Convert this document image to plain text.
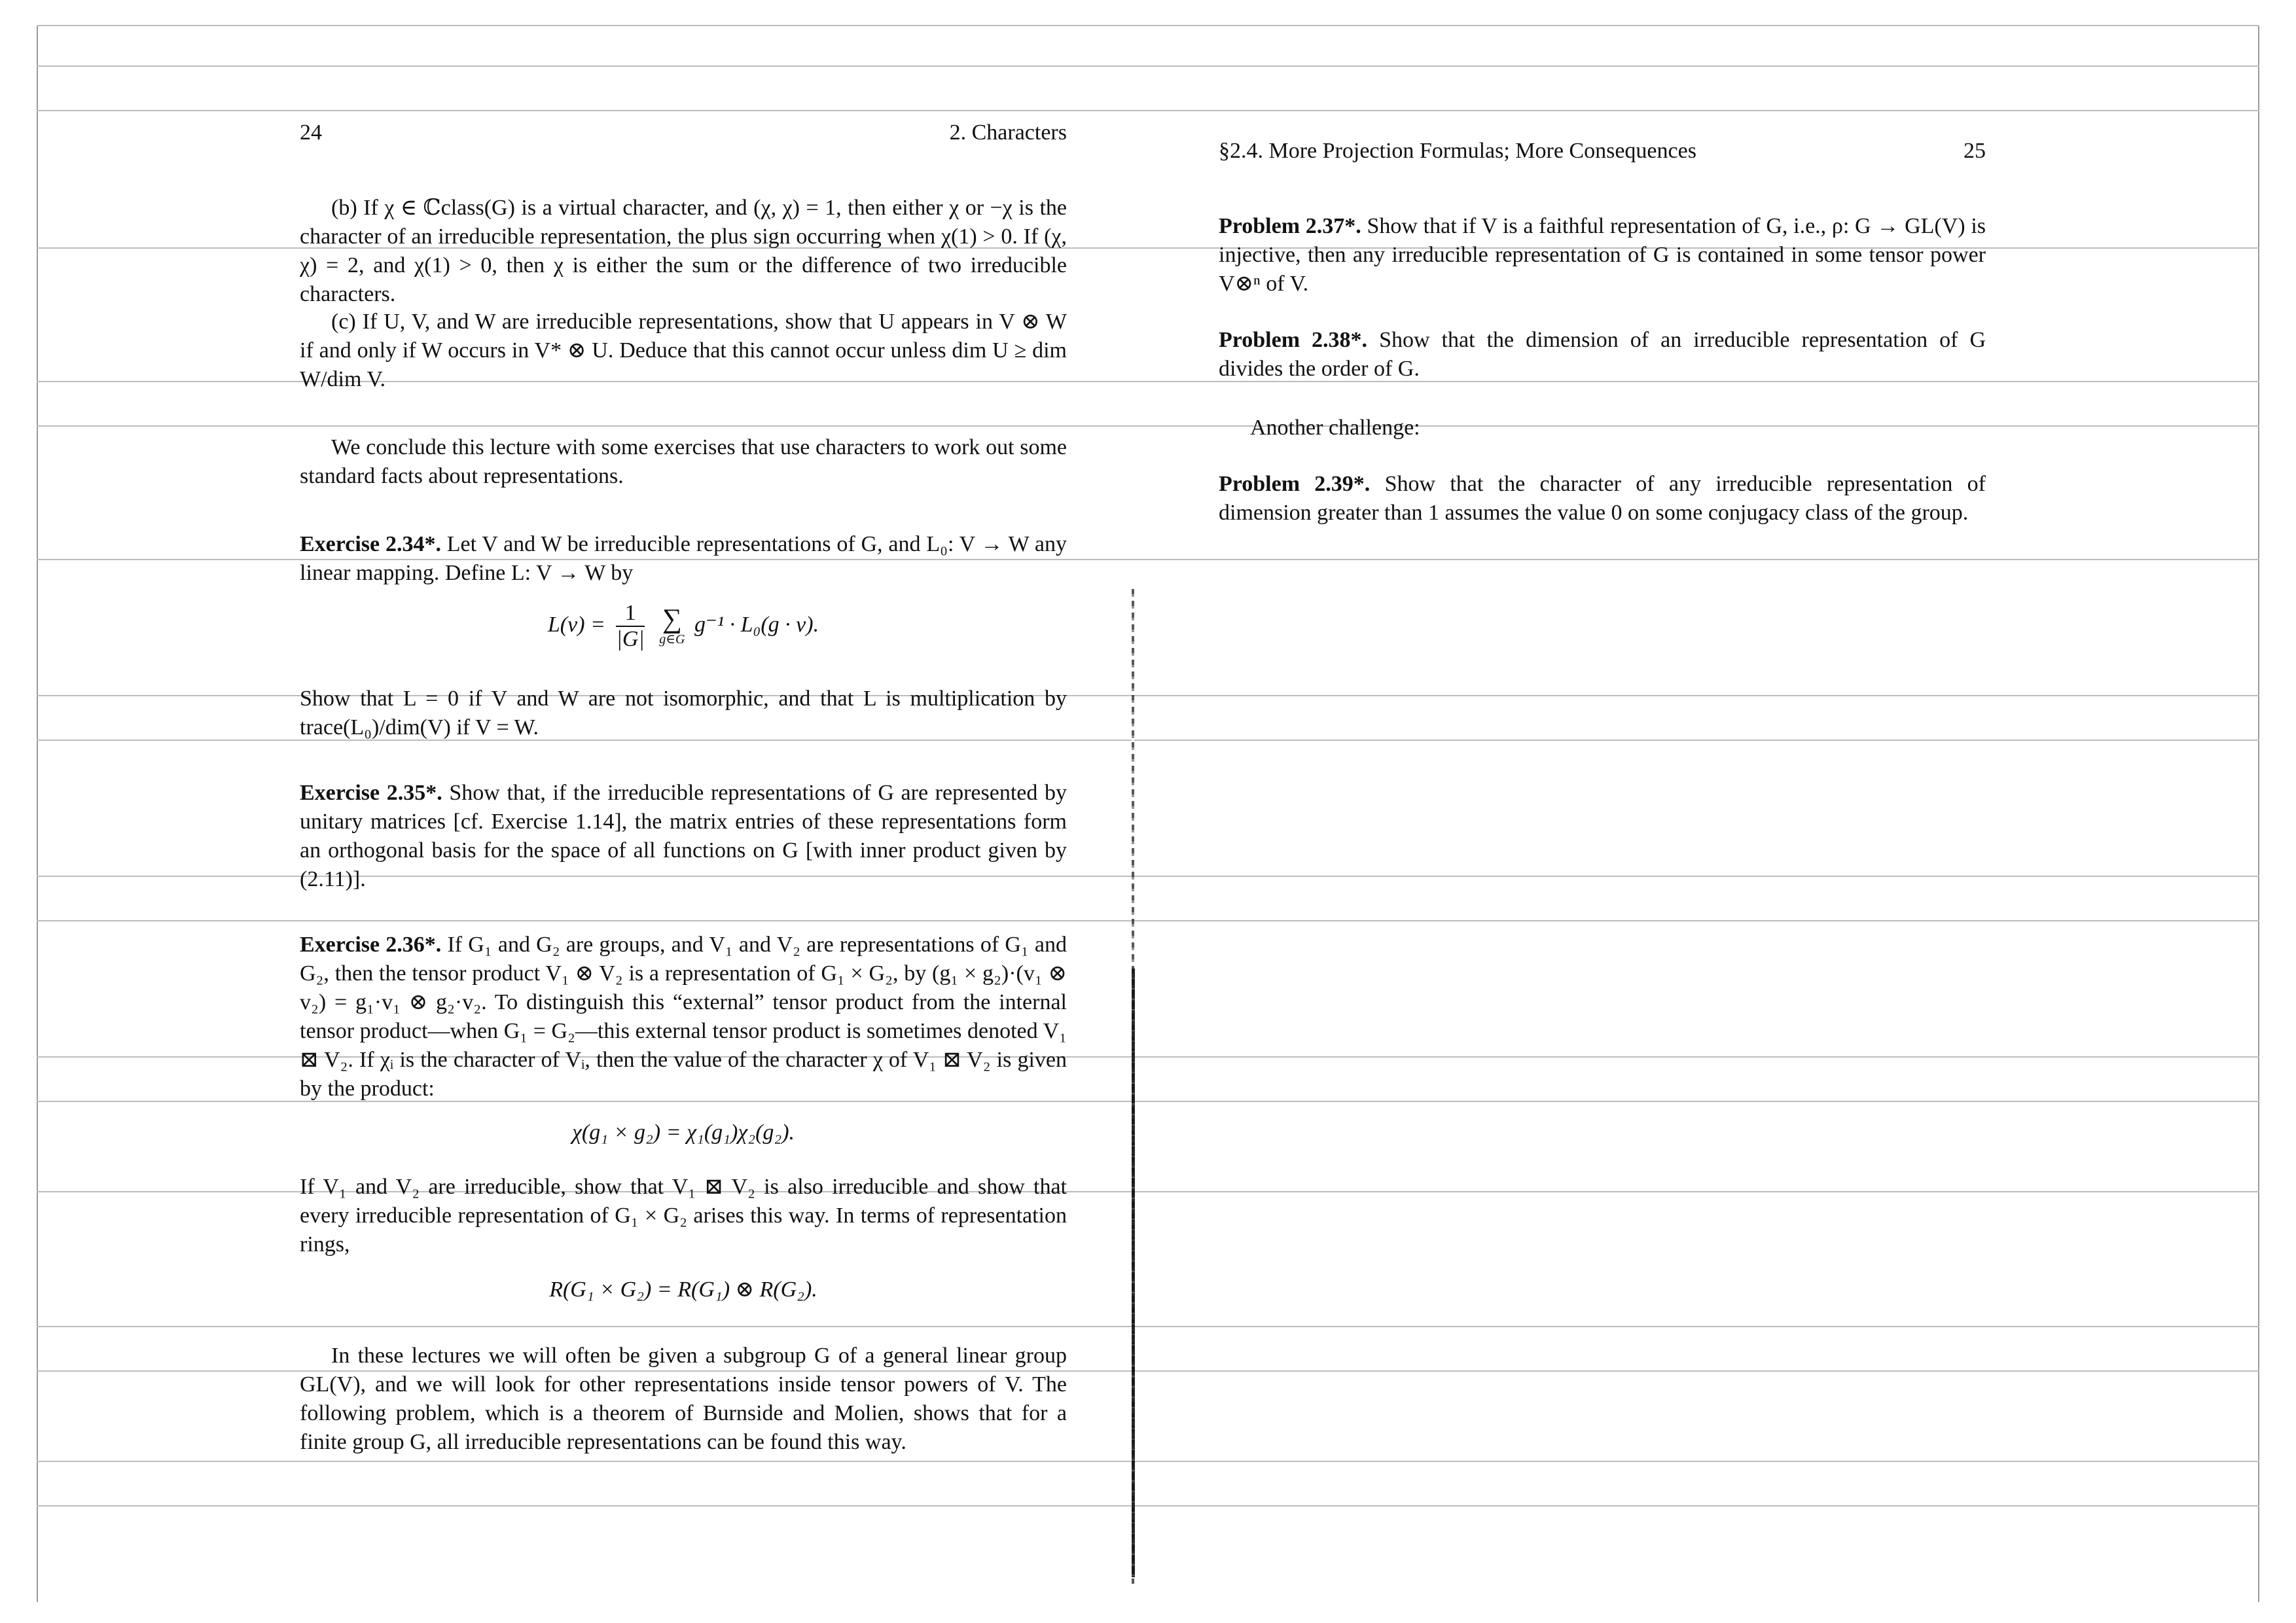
24	2. Characters
(b) If χ ∈ ℂclass(G) is a virtual character, and (χ, χ) = 1, then either χ or −χ is the character of an irreducible representation, the plus sign occurring when χ(1) > 0. If (χ, χ) = 2, and χ(1) > 0, then χ is either the sum or the difference of two irreducible characters.
(c) If U, V, and W are irreducible representations, show that U appears in V ⊗ W if and only if W occurs in V* ⊗ U. Deduce that this cannot occur unless dim U ≥ dim W/dim V.
We conclude this lecture with some exercises that use characters to work out some standard facts about representations.
Exercise 2.34*. Let V and W be irreducible representations of G, and L₀: V → W any linear mapping. Define L: V → W by
$L(v) = \frac{1}{|G|}$
∑
g∈G
g⁻¹ · L₀(g · v).
Show that L = 0 if V and W are not isomorphic, and that L is multiplication by trace(L₀)/dim(V) if V = W.
Exercise 2.35*. Show that, if the irreducible representations of G are represented by unitary matrices [cf. Exercise 1.14], the matrix entries of these representations form an orthogonal basis for the space of all functions on G [with inner product given by (2.11)].
Exercise 2.36*. If G₁ and G₂ are groups, and V₁ and V₂ are representations of G₁ and G₂, then the tensor product V₁ ⊗ V₂ is a representation of G₁ × G₂, by (g₁ × g₂)·(v₁ ⊗ v₂) = g₁·v₁ ⊗ g₂·v₂. To distinguish this “external” tensor product from the internal tensor product—when G₁ = G₂—this external tensor product is sometimes denoted V₁ ⊠ V₂. If χᵢ is the character of Vᵢ, then the value of the character χ of V₁ ⊠ V₂ is given by the product:
χ(g₁ × g₂) = χ₁(g₁)χ₂(g₂).
If V₁ and V₂ are irreducible, show that V₁ ⊠ V₂ is also irreducible and show that every irreducible representation of G₁ × G₂ arises this way. In terms of representation rings,
R(G₁ × G₂) = R(G₁) ⊗ R(G₂).
In these lectures we will often be given a subgroup G of a general linear group GL(V), and we will look for other representations inside tensor powers of V. The following problem, which is a theorem of Burnside and Molien, shows that for a finite group G, all irreducible representations can be found this way.
§2.4. More Projection Formulas; More Consequences	25
Problem 2.37*. Show that if V is a faithful representation of G, i.e., ρ: G → GL(V) is injective, then any irreducible representation of G is contained in some tensor power V⊗ⁿ of V.
Problem 2.38*. Show that the dimension of an irreducible representation of G divides the order of G.
Another challenge:
Problem 2.39*. Show that the character of any irreducible representation of dimension greater than 1 assumes the value 0 on some conjugacy class of the group.
